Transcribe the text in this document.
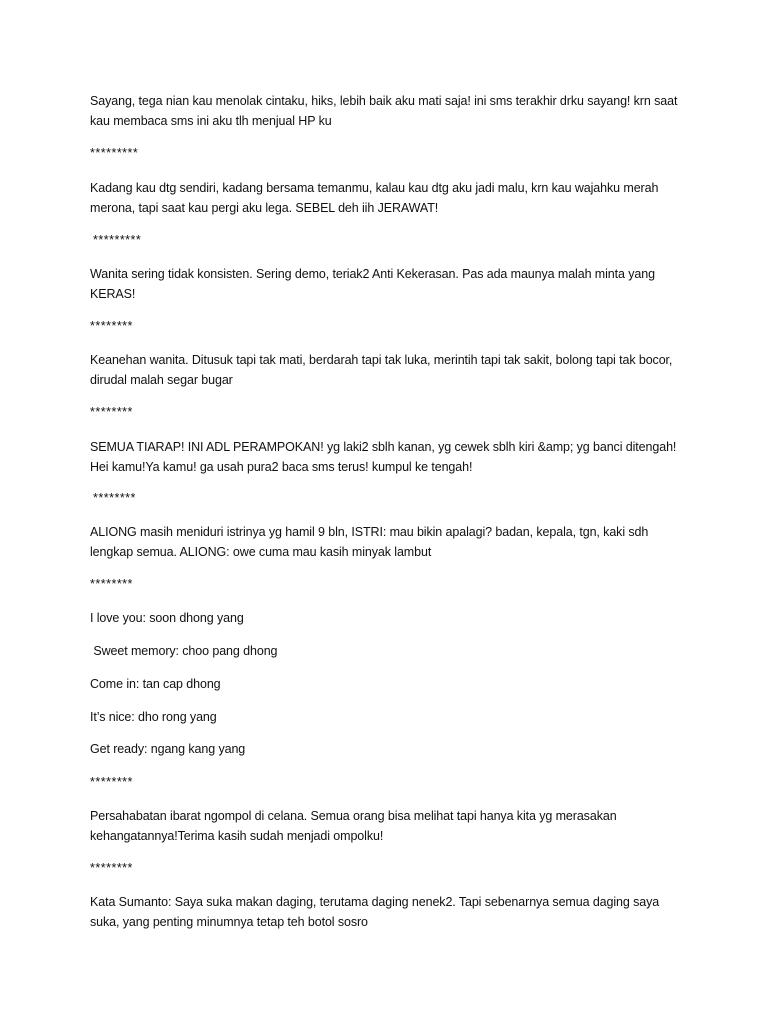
Sayang, tega nian kau menolak cintaku, hiks, lebih baik aku mati saja! ini sms terakhir drku sayang! krn saat kau membaca sms ini aku tlh menjual HP ku
*********
Kadang kau dtg sendiri, kadang bersama temanmu, kalau kau dtg aku jadi malu, krn kau wajahku merah merona, tapi saat kau pergi aku lega. SEBEL deh iih JERAWAT!
*********
Wanita sering tidak konsisten. Sering demo, teriak2 Anti Kekerasan. Pas ada maunya malah minta yang KERAS!
********
Keanehan wanita. Ditusuk tapi tak mati, berdarah tapi tak luka, merintih tapi tak sakit, bolong tapi tak bocor, dirudal malah segar bugar
********
SEMUA TIARAP! INI ADL PERAMPOKAN! yg laki2 sblh kanan, yg cewek sblh kiri &amp; yg banci ditengah! Hei kamu!Ya kamu! ga usah pura2 baca sms terus! kumpul ke tengah!
********
ALIONG masih meniduri istrinya yg hamil 9 bln, ISTRI: mau bikin apalagi? badan, kepala, tgn, kaki sdh lengkap semua. ALIONG: owe cuma mau kasih minyak lambut
********
I love you: soon dhong yang
Sweet memory: choo pang dhong
Come in: tan cap dhong
It’s nice: dho rong yang
Get ready: ngang kang yang
********
Persahabatan ibarat ngompol di celana. Semua orang bisa melihat tapi hanya kita yg merasakan kehangatannya!Terima kasih sudah menjadi ompolku!
********
Kata Sumanto: Saya suka makan daging, terutama daging nenek2. Tapi sebenarnya semua daging saya suka, yang penting minumnya tetap teh botol sosro
